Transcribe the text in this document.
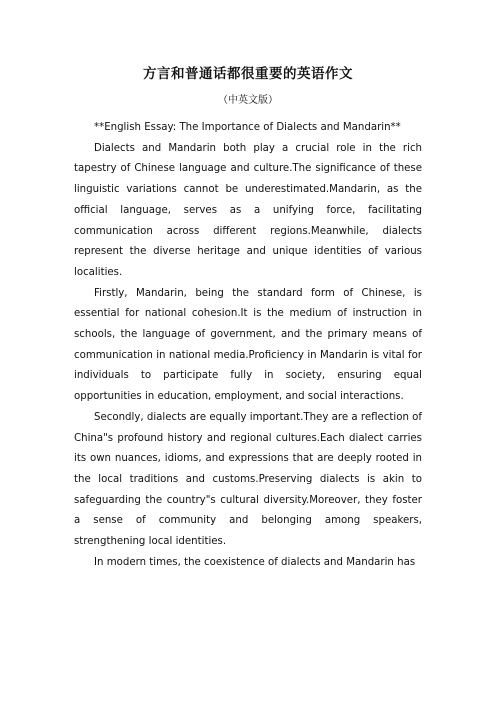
方言和普通话都很重要的英语作文
（中英文版）

**English Essay: The Importance of Dialects and Mandarin**

Dialects and Mandarin both play a crucial role in the rich tapestry of Chinese language and culture.The significance of these linguistic variations cannot be underestimated.Mandarin, as the official language, serves as a unifying force, facilitating communication across different regions.Meanwhile, dialects represent the diverse heritage and unique identities of various localities.

Firstly, Mandarin, being the standard form of Chinese, is essential for national cohesion.It is the medium of instruction in schools, the language of government, and the primary means of communication in national media.Proficiency in Mandarin is vital for individuals to participate fully in society, ensuring equal opportunities in education, employment, and social interactions.

Secondly, dialects are equally important.They are a reflection of China"s profound history and regional cultures.Each dialect carries its own nuances, idioms, and expressions that are deeply rooted in the local traditions and customs.Preserving dialects is akin to safeguarding the country"s cultural diversity.Moreover, they foster a sense of community and belonging among speakers, strengthening local identities.

In modern times, the coexistence of dialects and Mandarin has
